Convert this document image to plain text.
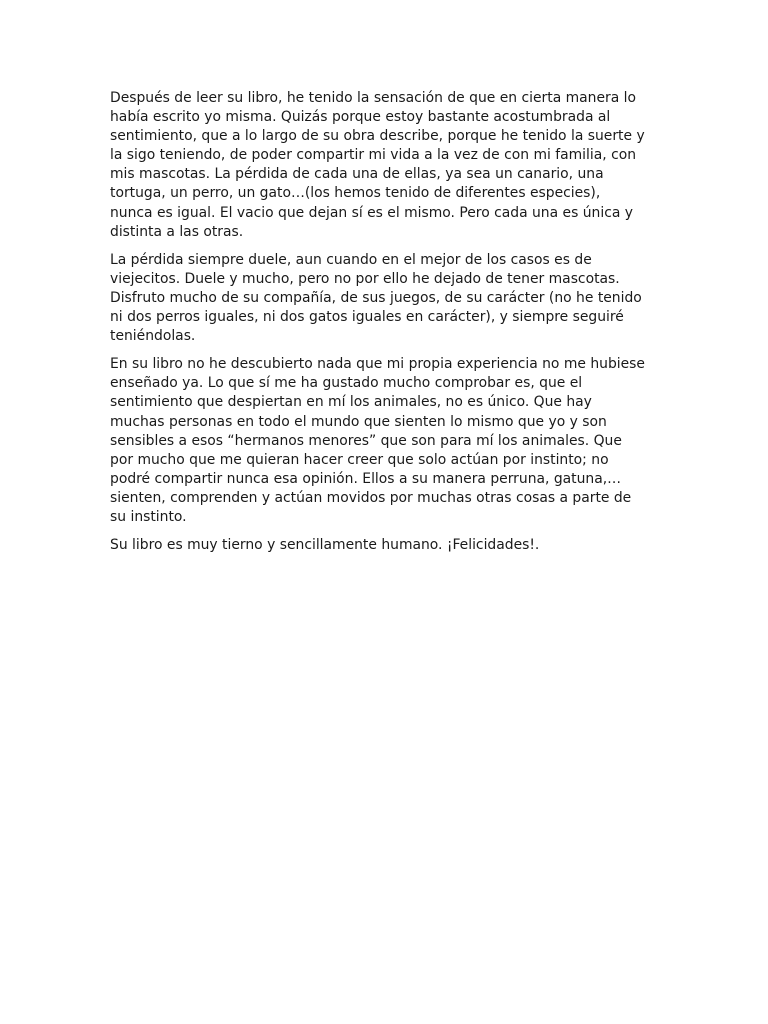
Después de leer su libro, he tenido la sensación de que en cierta manera lo
había escrito yo misma. Quizás porque estoy bastante acostumbrada al
sentimiento, que a lo largo de su obra describe, porque he tenido la suerte y
la sigo teniendo, de poder compartir mi vida a la vez de con mi familia, con
mis mascotas. La pérdida de cada una de ellas, ya sea un canario, una
tortuga, un perro, un gato…(los hemos tenido de diferentes especies),
nunca es igual. El vacio que dejan sí es el mismo. Pero cada una es única y
distinta a las otras.

La pérdida siempre duele, aun cuando en el mejor de los casos es de
viejecitos. Duele y mucho, pero no por ello he dejado de tener mascotas.
Disfruto mucho de su compañía, de sus juegos, de su carácter (no he tenido
ni dos perros iguales, ni dos gatos iguales en carácter), y siempre seguiré
teniéndolas.

En su libro no he descubierto nada que mi propia experiencia no me hubiese
enseñado ya. Lo que sí me ha gustado mucho comprobar es, que el
sentimiento que despiertan en mí los animales, no es único. Que hay
muchas personas en todo el mundo que sienten lo mismo que yo y son
sensibles a esos “hermanos menores” que son para mí los animales. Que
por mucho que me quieran hacer creer que solo actúan por instinto; no
podré compartir nunca esa opinión. Ellos a su manera perruna, gatuna,…
sienten, comprenden y actúan movidos por muchas otras cosas a parte de
su instinto.

Su libro es muy tierno y sencillamente humano. ¡Felicidades!.
